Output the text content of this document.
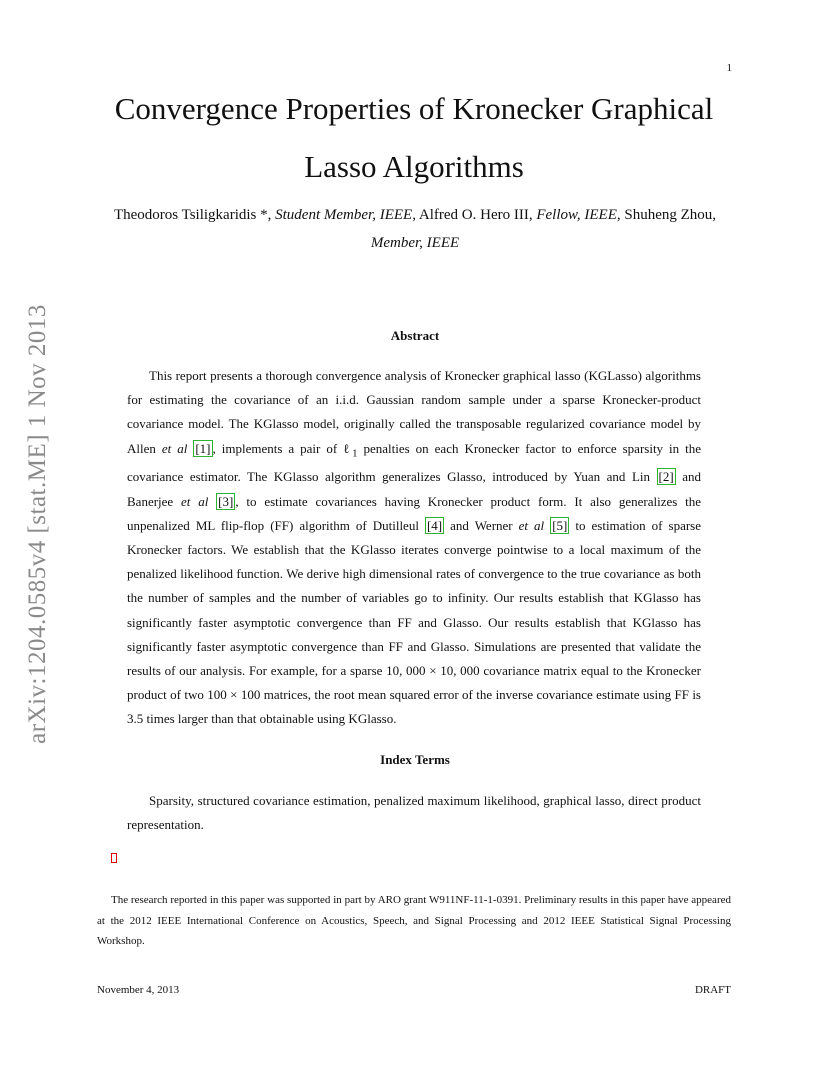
1
Convergence Properties of Kronecker Graphical Lasso Algorithms
Theodoros Tsiligkaridis *, Student Member, IEEE, Alfred O. Hero III, Fellow, IEEE, Shuheng Zhou, Member, IEEE
arXiv:1204.0585v4 [stat.ME] 1 Nov 2013	Abstract
This report presents a thorough convergence analysis of Kronecker graphical lasso (KGLasso) algorithms for estimating the covariance of an i.i.d. Gaussian random sample under a sparse Kronecker-product covariance model. The KGlasso model, originally called the transposable regularized covariance model by Allen et al [1] , implements a pair of ℓ$_1$ penalties on each Kronecker factor to enforce sparsity in the covariance estimator. The KGlasso algorithm generalizes Glasso, introduced by Yuan and Lin [2] and Banerjee et al [3] , to estimate covariances having Kronecker product form. It also generalizes the unpenalized ML flip-flop (FF) algorithm of Dutilleul [4] and Werner et al [5] to estimation of sparse Kronecker factors. We establish that the KGlasso iterates converge pointwise to a local maximum of the penalized likelihood function. We derive high dimensional rates of convergence to the true covariance as both the number of samples and the number of variables go to infinity. Our results establish that KGlasso has significantly faster asymptotic convergence than FF and Glasso. Our results establish that KGlasso has significantly faster asymptotic convergence than FF and Glasso. Simulations are presented that validate the results of our analysis. For example, for a sparse 10, 000 × 10, 000 covariance matrix equal to the Kronecker product of two 100 × 100 matrices, the root mean squared error of the inverse covariance estimate using FF is 3.5 times larger than that obtainable using KGlasso.
Index Terms
Sparsity, structured covariance estimation, penalized maximum likelihood, graphical lasso, direct product representation.
The research reported in this paper was supported in part by ARO grant W911NF-11-1-0391. Preliminary results in this paper have appeared at the 2012 IEEE International Conference on Acoustics, Speech, and Signal Processing and 2012 IEEE Statistical Signal Processing Workshop.
November 4, 2013	DRAFT
